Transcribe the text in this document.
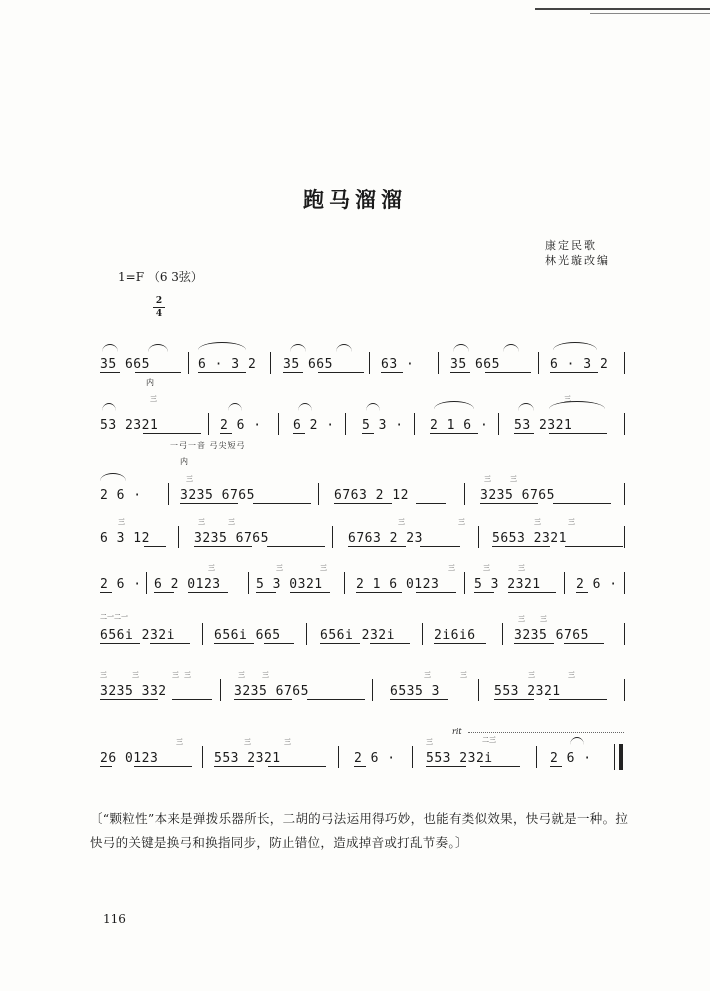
跑马溜溜
康定民歌
林光璇改编
1=F （6 3弦）
2
4
35 665	6 · 3 2 35 665	63 ·	35 665	6 · 3 2
内
53 2321	2 6 · 6 2 · 5 3 · 2 1 6 · 53 2321
三	三
一弓一音 弓尖短弓
内
2 6 ·	3235 6765	6763 2 12	3235 6765
三	三	三
6 3 12	3235 6765	6763 2 23	5653 2321
三	三	三	三	三	三	三
2 6 · 6 2 0123	5 3 0321	2 1 6 0123	5 3 2321	2 6 ·
三	三	三	三	三	三
656i 232i	656i 665	656i 232i	2i6i6	3235 6765
二一二一	三 三
3235 332	3235 6765	6535 3	553 2321
三	三	三 三	三 三	三	三	三	三
rit
26 0123	553 2321	2 6 · 553 232i	2 6 ·
三	三	三	三	二三

〔“颗粒性”本来是弹拨乐器所长，二胡的弓法运用得巧妙，也能有类似效果，快弓就是一种。拉快弓的关键是换弓和换指同步，防止错位，造成掉音或打乱节奏。〕

116
